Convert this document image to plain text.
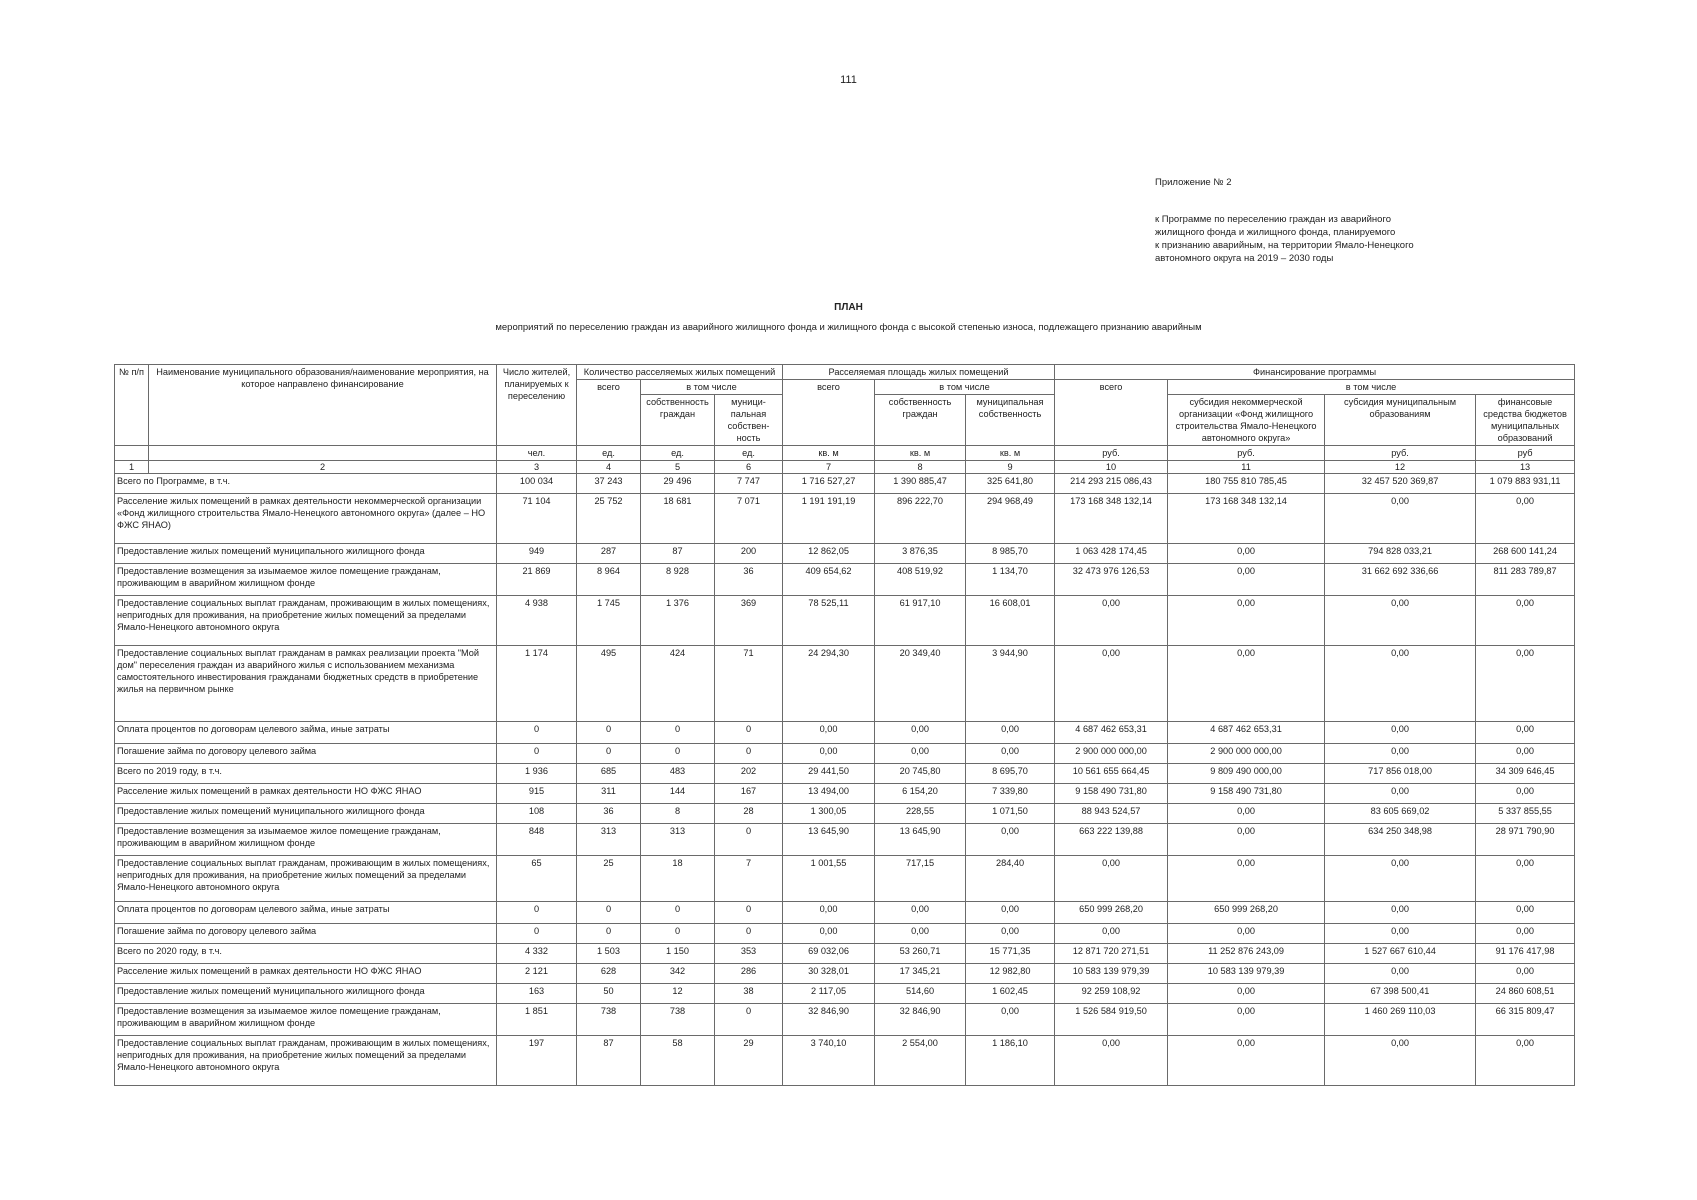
111
Приложение № 2
к Программе по переселению граждан из аварийного
жилищного фонда и жилищного фонда, планируемого
к признанию аварийным, на территории Ямало-Ненецкого
автономного округа на 2019 – 2030 годы
ПЛАН
мероприятий по переселению граждан из аварийного жилищного фонда и жилищного фонда с высокой степенью износа, подлежащего признанию аварийным
№ п/п	Наименование муниципального образования/наименование мероприятия, на которое направлено финансирование	Число жителей, планируемых к переселению	Количество расселяемых жилых помещений			Расселяемая площадь жилых помещений			Финансирование программы			
			всего	в том числе		всего	в том числе		всего	в том числе		
				собственность граждан	муници- пальная собствен- ность		собственность граждан	муниципальная собственность		субсидия некоммерческой организации «Фонд жилищного строительства Ямало-Ненецкого автономного округа»	субсидия муниципальным образованиям	финансовые средства бюджетов муниципальных образований
		чел.	ед.	ед.	ед.	кв. м	кв. м	кв. м	руб.	руб.	руб.	руб
1	2	3	4	5	6	7	8	9	10	11	12	13
Всего по Программе, в т.ч.		100 034	37 243	29 496	7 747	1 716 527,27	1 390 885,47	325 641,80	214 293 215 086,43	180 755 810 785,45	32 457 520 369,87	1 079 883 931,11
Расселение жилых помещений в рамках деятельности некоммерческой организации «Фонд жилищного строительства Ямало-Ненецкого автономного округа» (далее – НО ФЖС ЯНАО)		71 104	25 752	18 681	7 071	1 191 191,19	896 222,70	294 968,49	173 168 348 132,14	173 168 348 132,14	0,00	0,00
Предоставление жилых помещений муниципального жилищного фонда		949	287	87	200	12 862,05	3 876,35	8 985,70	1 063 428 174,45	0,00	794 828 033,21	268 600 141,24
Предоставление возмещения за изымаемое жилое помещение гражданам, проживающим в аварийном жилищном фонде		21 869	8 964	8 928	36	409 654,62	408 519,92	1 134,70	32 473 976 126,53	0,00	31 662 692 336,66	811 283 789,87
Предоставление социальных выплат гражданам, проживающим в жилых помещениях, непригодных для проживания, на приобретение жилых помещений за пределами Ямало-Ненецкого автономного округа		4 938	1 745	1 376	369	78 525,11	61 917,10	16 608,01	0,00	0,00	0,00	0,00
Предоставление социальных выплат гражданам в рамках реализации проекта "Мой дом" переселения граждан из аварийного жилья с использованием механизма самостоятельного инвестирования гражданами бюджетных средств в приобретение жилья на первичном рынке		1 174	495	424	71	24 294,30	20 349,40	3 944,90	0,00	0,00	0,00	0,00
Оплата процентов по договорам целевого займа, иные затраты		0	0	0	0	0,00	0,00	0,00	4 687 462 653,31	4 687 462 653,31	0,00	0,00
Погашение займа по договору целевого займа		0	0	0	0	0,00	0,00	0,00	2 900 000 000,00	2 900 000 000,00	0,00	0,00
Всего по 2019 году, в т.ч.		1 936	685	483	202	29 441,50	20 745,80	8 695,70	10 561 655 664,45	9 809 490 000,00	717 856 018,00	34 309 646,45
Расселение жилых помещений в рамках деятельности НО ФЖС ЯНАО		915	311	144	167	13 494,00	6 154,20	7 339,80	9 158 490 731,80	9 158 490 731,80	0,00	0,00
Предоставление жилых помещений муниципального жилищного фонда		108	36	8	28	1 300,05	228,55	1 071,50	88 943 524,57	0,00	83 605 669,02	5 337 855,55
Предоставление возмещения за изымаемое жилое помещение гражданам, проживающим в аварийном жилищном фонде		848	313	313	0	13 645,90	13 645,90	0,00	663 222 139,88	0,00	634 250 348,98	28 971 790,90
Предоставление социальных выплат гражданам, проживающим в жилых помещениях, непригодных для проживания, на приобретение жилых помещений за пределами Ямало-Ненецкого автономного округа		65	25	18	7	1 001,55	717,15	284,40	0,00	0,00	0,00	0,00
Оплата процентов по договорам целевого займа, иные затраты		0	0	0	0	0,00	0,00	0,00	650 999 268,20	650 999 268,20	0,00	0,00
Погашение займа по договору целевого займа		0	0	0	0	0,00	0,00	0,00	0,00	0,00	0,00	0,00
Всего по 2020 году, в т.ч.		4 332	1 503	1 150	353	69 032,06	53 260,71	15 771,35	12 871 720 271,51	11 252 876 243,09	1 527 667 610,44	91 176 417,98
Расселение жилых помещений в рамках деятельности НО ФЖС ЯНАО		2 121	628	342	286	30 328,01	17 345,21	12 982,80	10 583 139 979,39	10 583 139 979,39	0,00	0,00
Предоставление жилых помещений муниципального жилищного фонда		163	50	12	38	2 117,05	514,60	1 602,45	92 259 108,92	0,00	67 398 500,41	24 860 608,51
Предоставление возмещения за изымаемое жилое помещение гражданам, проживающим в аварийном жилищном фонде		1 851	738	738	0	32 846,90	32 846,90	0,00	1 526 584 919,50	0,00	1 460 269 110,03	66 315 809,47
Предоставление социальных выплат гражданам, проживающим в жилых помещениях, непригодных для проживания, на приобретение жилых помещений за пределами Ямало-Ненецкого автономного округа		197	87	58	29	3 740,10	2 554,00	1 186,10	0,00	0,00	0,00	0,00
